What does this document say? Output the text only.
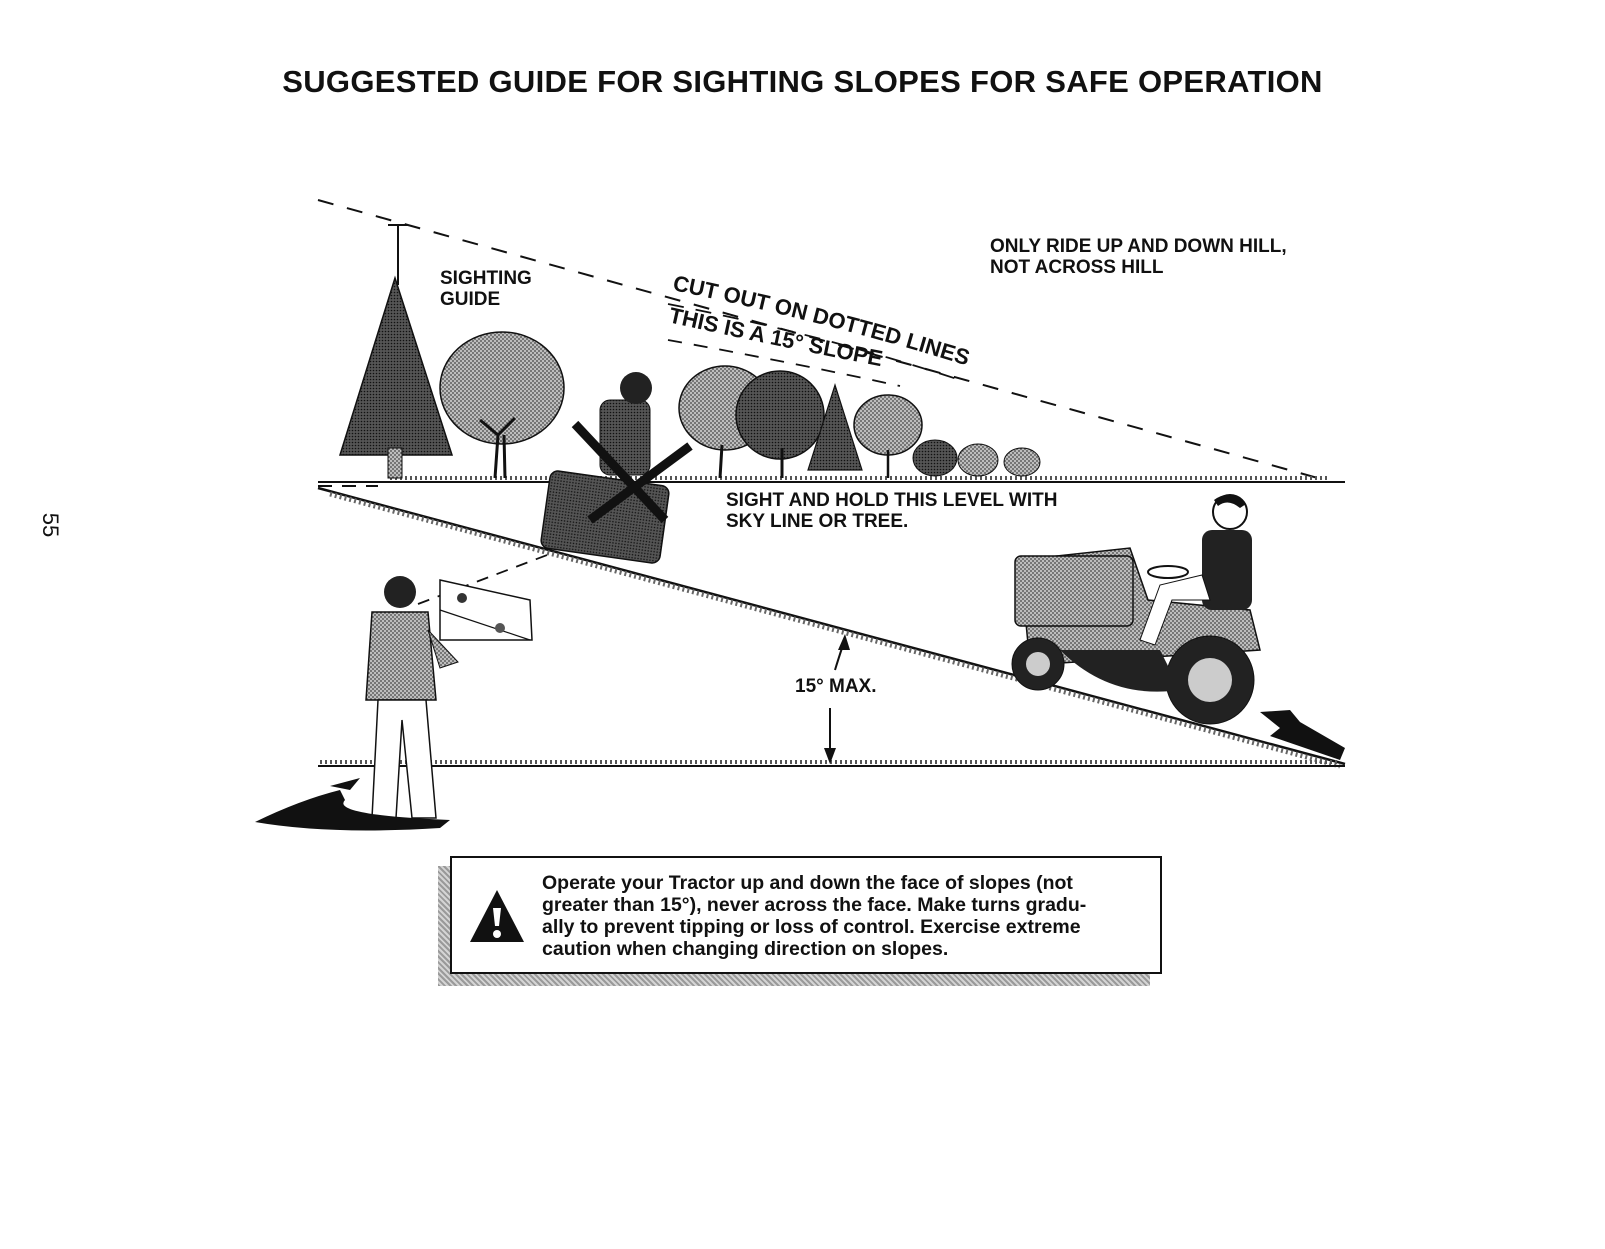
SUGGESTED GUIDE FOR SIGHTING SLOPES FOR SAFE OPERATION
55
CUT OUT ON DOTTED LINES
THIS IS A 15° SLOPE
SIGHTING
GUIDE
ONLY RIDE UP AND DOWN HILL,
NOT ACROSS HILL
SIGHT AND HOLD THIS LEVEL WITH
SKY LINE OR TREE.
15° MAX.
Operate your Tractor up and down the face of slopes (not
greater than 15°), never across the face. Make turns gradu-
ally to prevent tipping or loss of control. Exercise extreme
caution when changing direction on slopes.
